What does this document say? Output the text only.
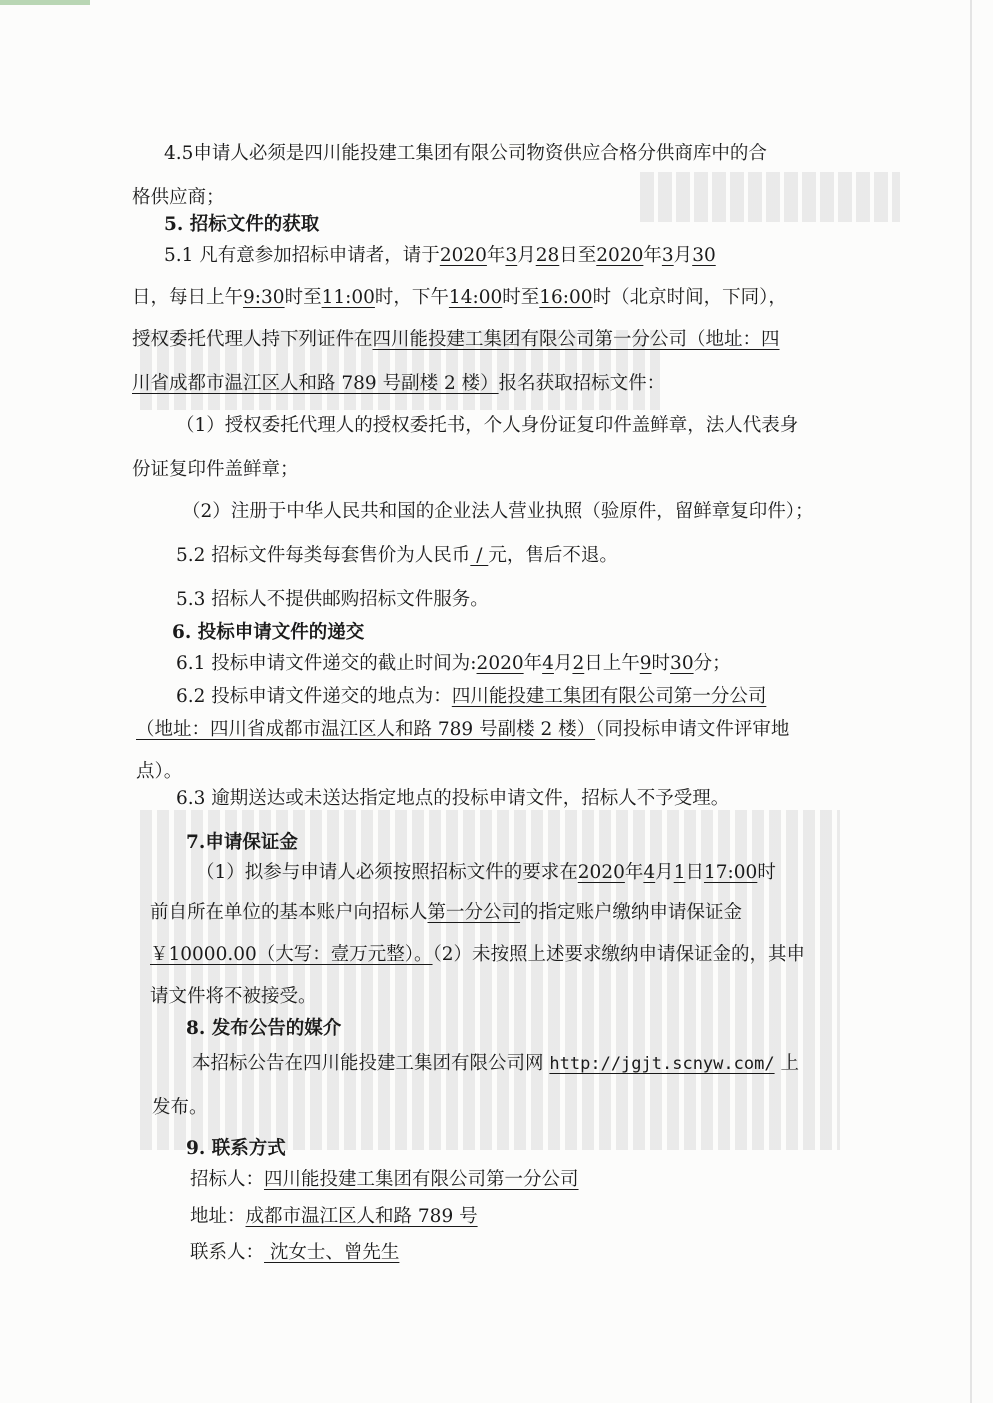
4.5申请人必须是四川能投建工集团有限公司物资供应合格分供商库中的合
格供应商；
5. 招标文件的获取
5.1 凡有意参加招标申请者，请于2020年3月28日至2020年3月30
日，每日上午9:30时至11:00时，下午14:00时至16:00时（北京时间，下同），
授权委托代理人持下列证件在四川能投建工集团有限公司第一分公司（地址：四
川省成都市温江区人和路 789 号副楼 2 楼）报名获取招标文件：
（1）授权委托代理人的授权委托书，个人身份证复印件盖鲜章，法人代表身
份证复印件盖鲜章；
（2）注册于中华人民共和国的企业法人营业执照（验原件，留鲜章复印件）；
5.2 招标文件每类每套售价为人民币 / 元，售后不退。
5.3 招标人不提供邮购招标文件服务。
6. 投标申请文件的递交
6.1 投标申请文件递交的截止时间为:2020年4月2日上午9时30分；
6.2 投标申请文件递交的地点为：四川能投建工集团有限公司第一分公司
（地址：四川省成都市温江区人和路 789 号副楼 2 楼）（同投标申请文件评审地
点）。
6.3 逾期送达或未送达指定地点的投标申请文件，招标人不予受理。
7.申请保证金
（1）拟参与申请人必须按照招标文件的要求在2020年4月1日17:00时
前自所在单位的基本账户向招标人第一分公司的指定账户缴纳申请保证金
￥10000.00（大写：壹万元整）。（2）未按照上述要求缴纳申请保证金的，其申
请文件将不被接受。
8. 发布公告的媒介
本招标公告在四川能投建工集团有限公司网 http://jgjt.scnyw.com/ 上
发布。
9. 联系方式
招标人：四川能投建工集团有限公司第一分公司
地址：成都市温江区人和路 789 号
联系人： 沈女士、曾先生
